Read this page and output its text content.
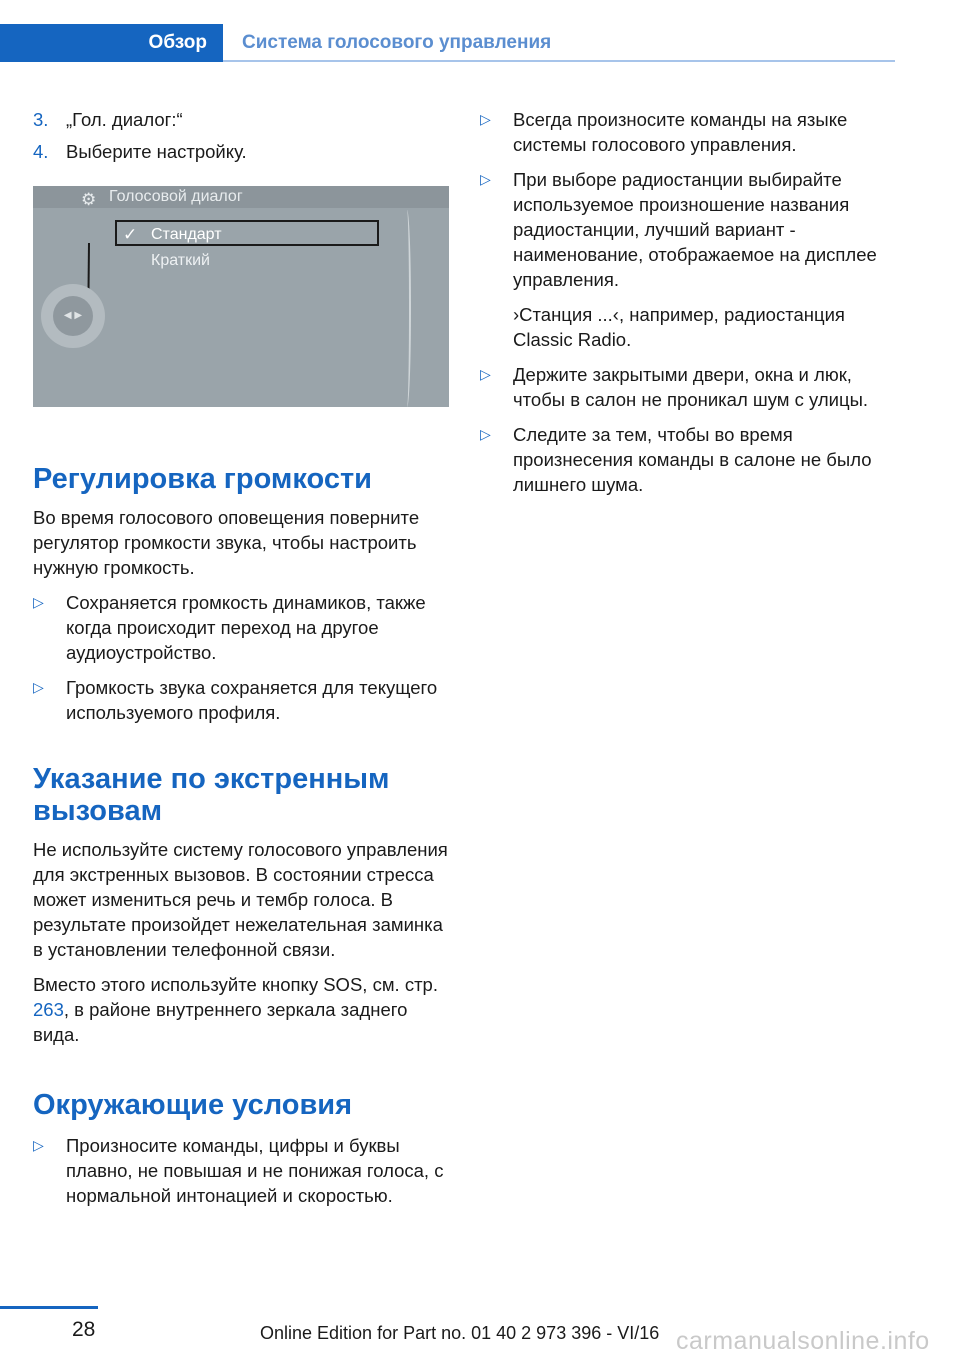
Обзор	Система голосового управления
3. „Гол. диалог:“
4. Выберите настройку.
⚙ Голосовой диалог
✓ Стандарт
Краткий
◀ ▶
Регулировка громкости

Во время голосового оповещения поверните регулятор громкости звука, чтобы настроить нужную громкость.

▷ Сохраняется громкость динамиков, также когда происходит переход на другое аудиоустройство.
▷ Громкость звука сохраняется для текущего используемого профиля.
Указание по экстренным вызовам

Не используйте систему голосового управления для экстренных вызовов. В состоянии стресса может измениться речь и тембр голоса. В результате произойдет нежелательная заминка в установлении телефонной связи.

Вместо этого используйте кнопку SOS, см. стр. 263, в районе внутреннего зеркала заднего вида.

Окружающие условия
▷ Произносите команды, цифры и буквы плавно, не повышая и не понижая голоса, с нормальной интонацией и скоростью.
▷ Всегда произносите команды на языке системы голосового управления.
▷ При выборе радиостанции выбирайте используемое произношение названия радиостанции, лучший вариант - наименование, отображаемое на дисплее управления.

›Станция ...‹, например, радиостанция Classic Radio.

▷ Держите закрытыми двери, окна и люк, чтобы в салон не проникал шум с улицы.
▷ Следите за тем, чтобы во время произнесения команды в салоне не было лишнего шума.
28	Online Edition for Part no. 01 40 2 973 396 - VI/16 carmanualsonline.info
